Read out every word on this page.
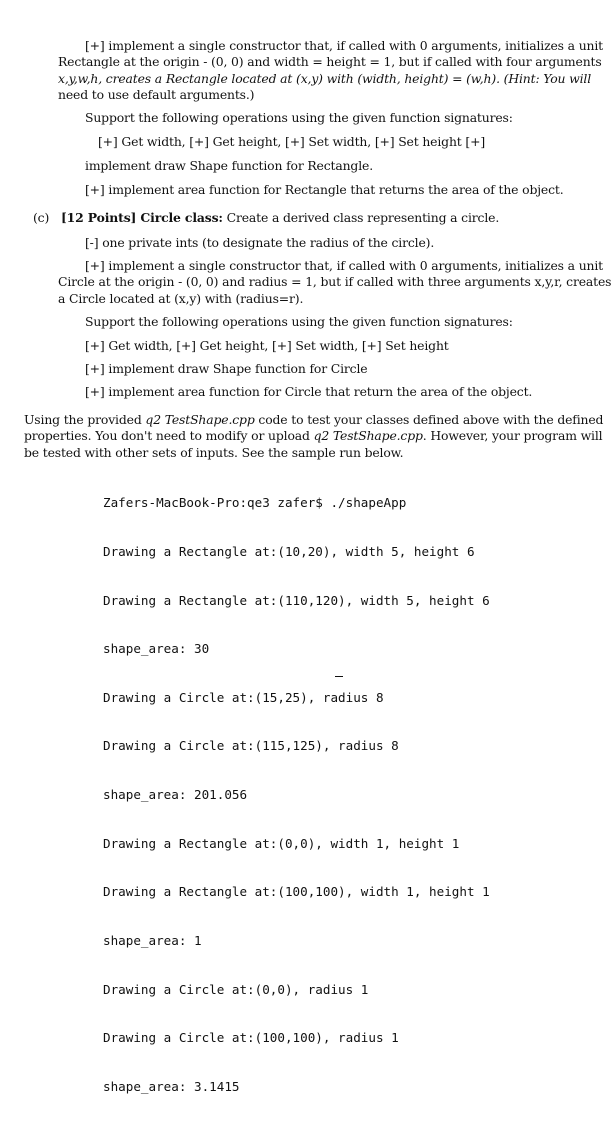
[+] implement a single constructor that, if called with 0 arguments, initializes a unit
Rectangle at the origin - (0, 0) and width = height = 1, but if called with four arguments
x,y,w,h, creates a Rectangle located at (x,y) with (width, height) = (w,h). (Hint: You will
need to use default arguments.)
Support the following operations using the given function signatures:
[+] Get width, [+] Get height, [+] Set width, [+] Set height [+]
implement draw Shape function for Rectangle.
[+] implement area function for Rectangle that returns the area of the object.
(c) [12 Points] Circle class: Create a derived class representing a circle.
[-] one private ints (to designate the radius of the circle).
[+] implement a single constructor that, if called with 0 arguments, initializes a unit
Circle at the origin - (0, 0) and radius = 1, but if called with three arguments x,y,r, creates
a Circle located at (x,y) with (radius=r).
Support the following operations using the given function signatures:
[+] Get width, [+] Get height, [+] Set width, [+] Set height
[+] implement draw Shape function for Circle
[+] implement area function for Circle that return the area of the object.
Using the provided q2 TestShape.cpp code to test your classes defined above with the defined
properties. You don't need to modify or upload q2 TestShape.cpp. However, your program will
be tested with other sets of inputs. See the sample run below.

Zafers-MacBook-Pro:qe3 zafer$ ./shapeApp

Drawing a Rectangle at:(10,20), width 5, height 6

Drawing a Rectangle at:(110,120), width 5, height 6

shape_area: 30

Drawing a Circle at:(15,25), radius 8

Drawing a Circle at:(115,125), radius 8

shape_area: 201.056

Drawing a Rectangle at:(0,0), width 1, height 1

Drawing a Rectangle at:(100,100), width 1, height 1

shape_area: 1

Drawing a Circle at:(0,0), radius 1

Drawing a Circle at:(100,100), radius 1

shape_area: 3.1415
